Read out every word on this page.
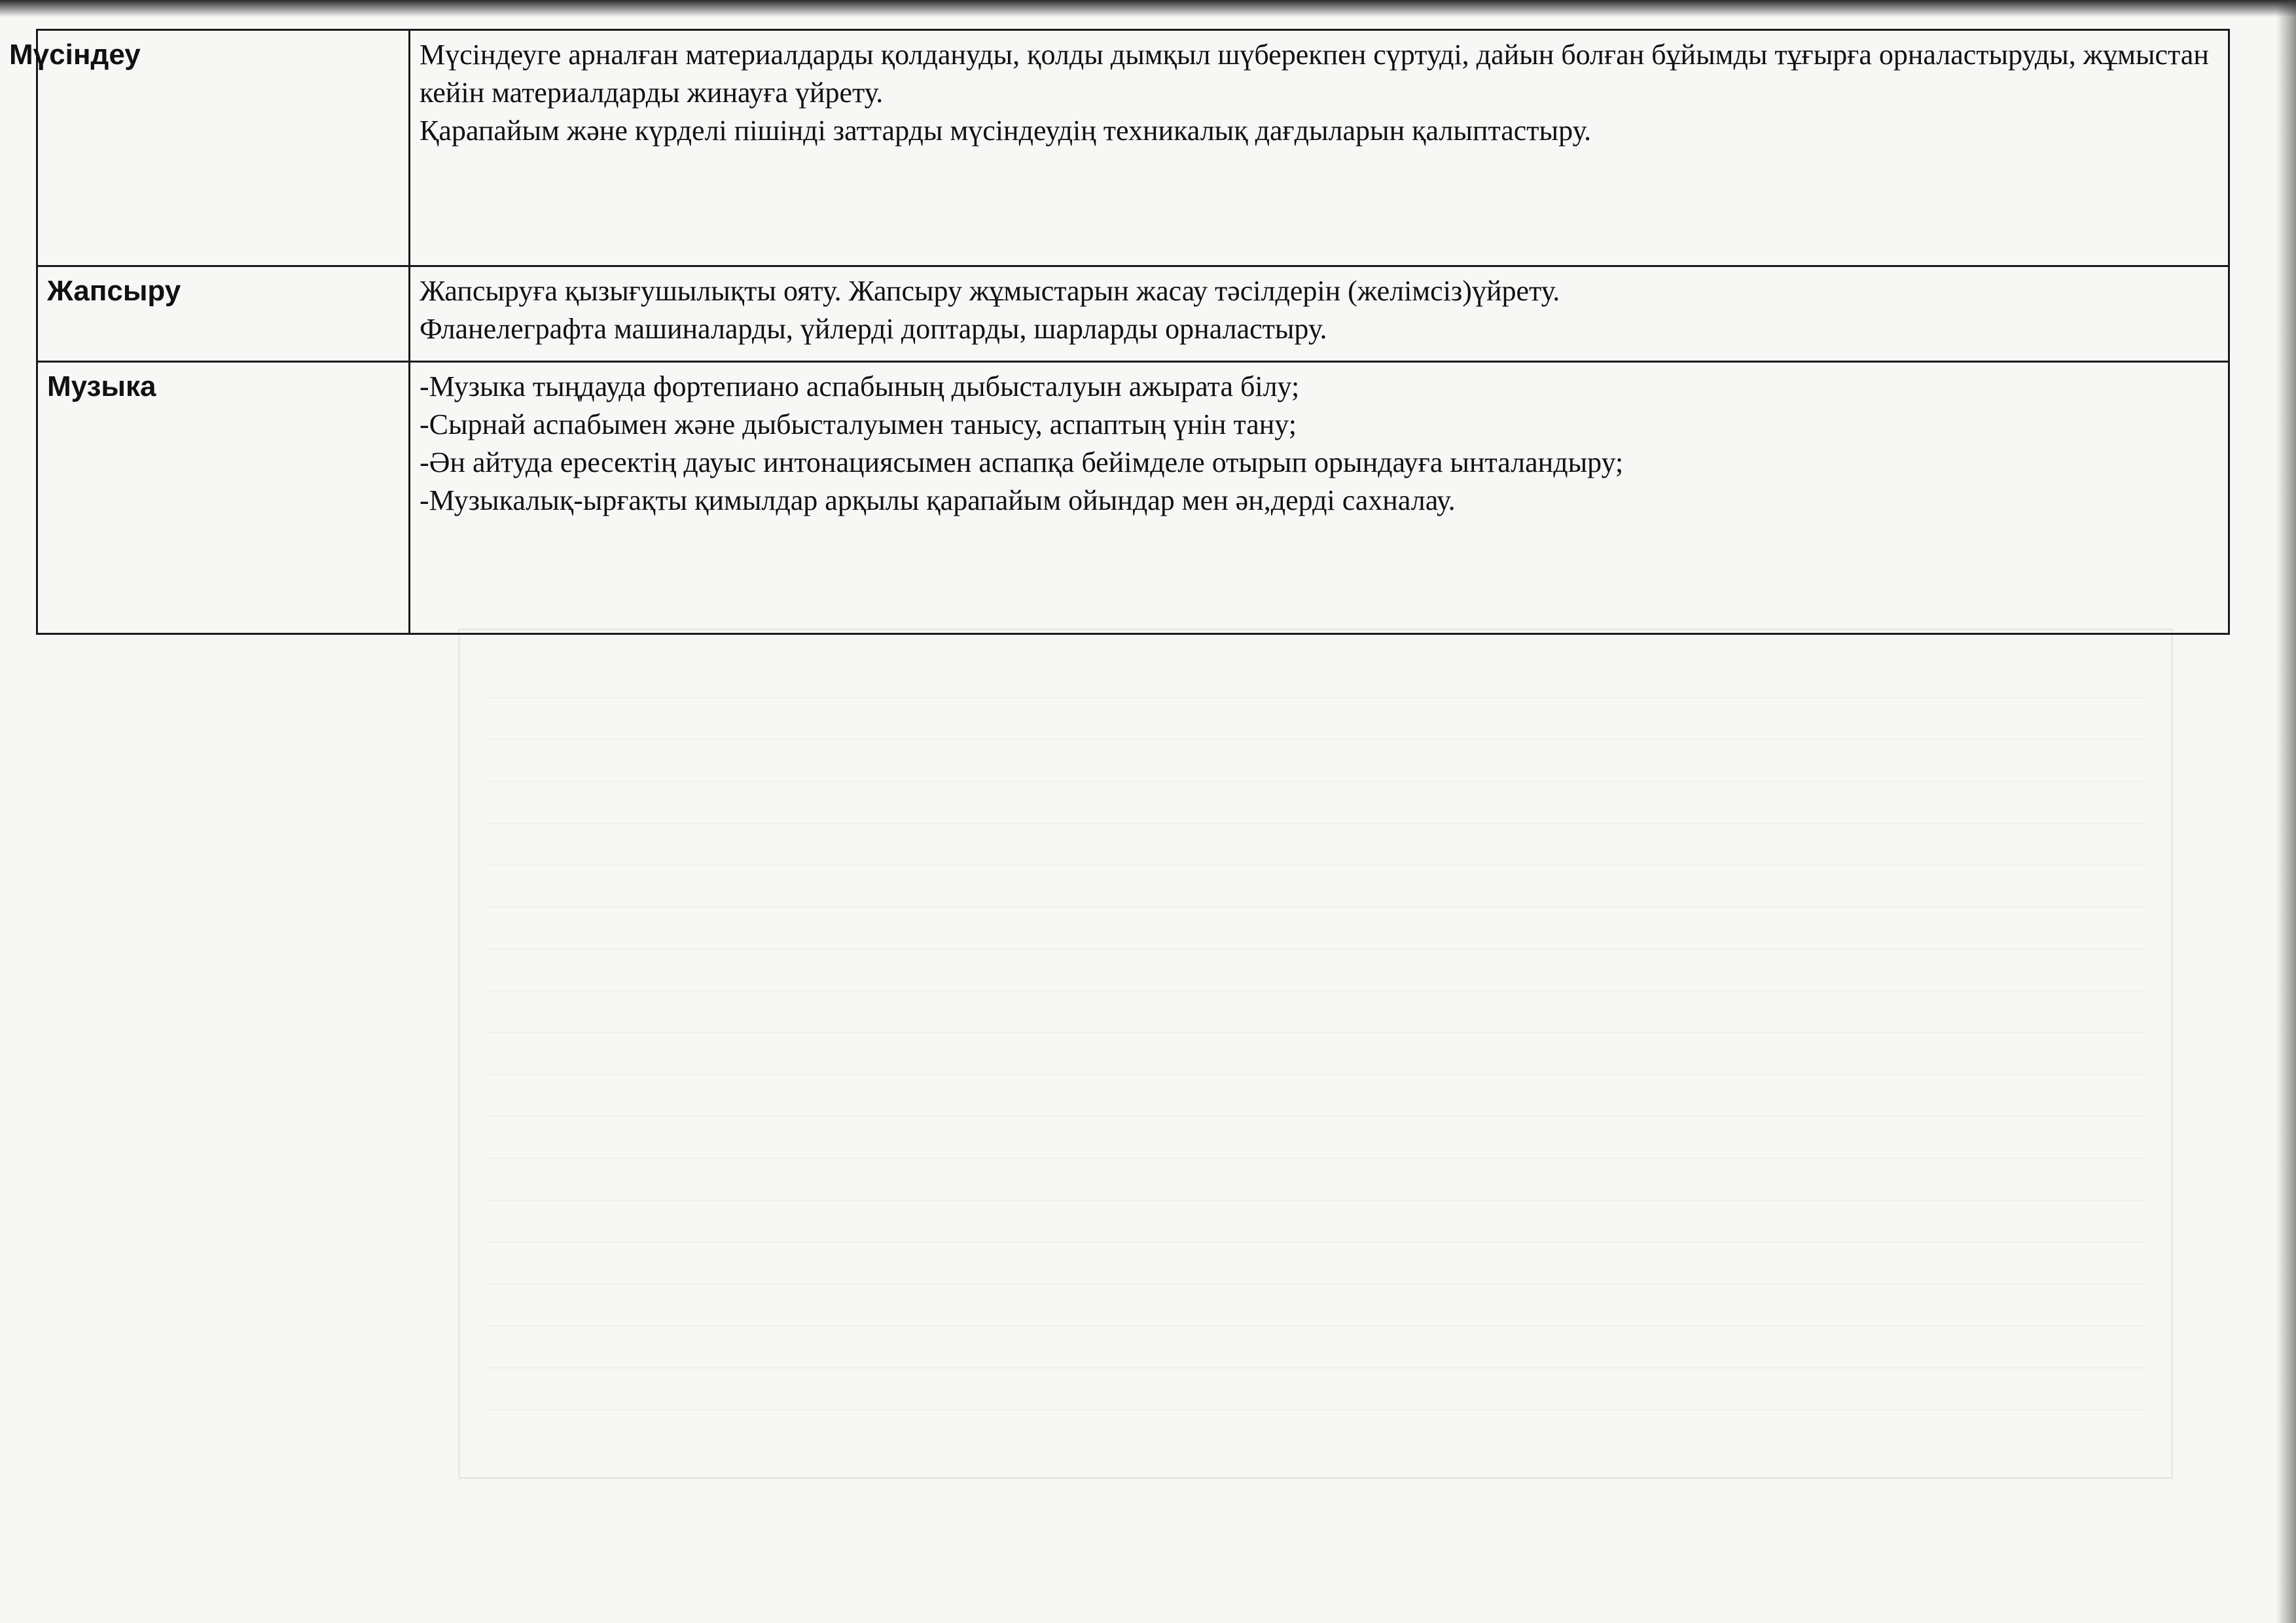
Мүсіндеу	Мүсіндеуге арналған материалдарды қолдануды, қолды дымқыл шүберекпен сүртуді, дайын болған бұйымды тұғырға орналастыруды, жұмыстан кейін материалдарды жинауға үйрету.
Қарапайым және күрделі пішінді заттарды мүсіндеудің техникалық дағдыларын қалыптастыру.

Жапсыру	Жапсыруға қызығушылықты ояту. Жапсыру жұмыстарын жасау тәсілдерін (желімсіз)үйрету.
Фланелеграфта машиналарды, үйлерді доптарды, шарларды орналастыру.

Музыка	-Музыка тыңдауда фортепиано аспабының дыбысталуын ажырата білу;
-Сырнай аспабымен және дыбысталуымен танысу, аспаптың үнін тану;
-Ән айтуда ересектің дауыс интонациясымен аспапқа бейімделе отырып орындауға ынталандыру;
-Музыкалық-ырғақты қимылдар арқылы қарапайым ойындар мен ән,дерді сахналау.
